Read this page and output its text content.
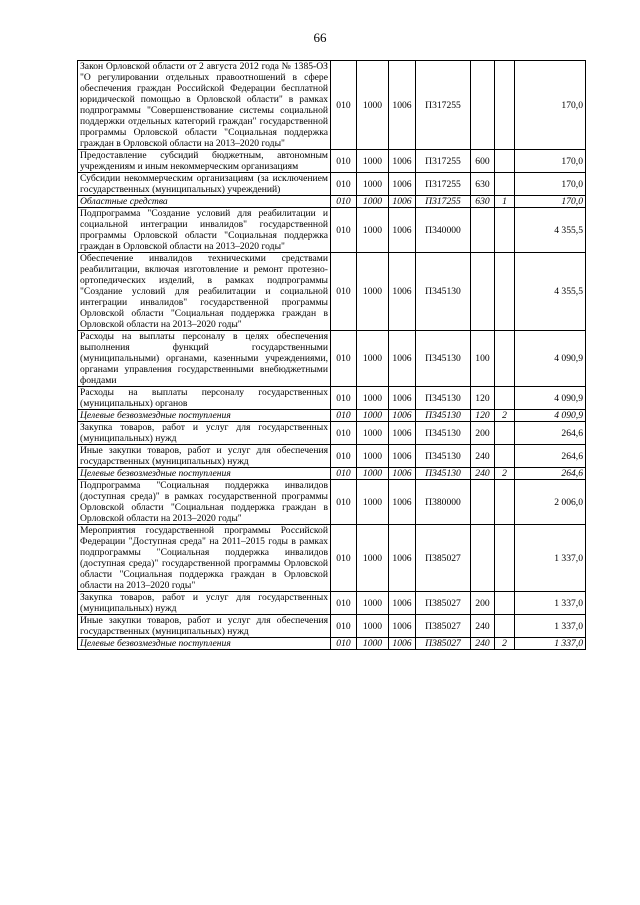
66
Закон Орловской области от 2 августа 2012 года № 1385-ОЗ "О регулировании отдельных правоотношений в сфере обеспечения граждан Российской Федерации бесплатной юридической помощью в Орловской области" в рамках подпрограммы "Совершенствование системы социальной поддержки отдельных категорий граждан" государственной программы Орловской области "Социальная поддержка граждан в Орловской области на 2013–2020 годы"	010	1000	1006	П317255			170,0
Предоставление субсидий бюджетным, автономным учреждениям и иным некоммерческим организациям	010	1000	1006	П317255	600		170,0
Субсидии некоммерческим организациям (за исключением государственных (муниципальных) учреждений)	010	1000	1006	П317255	630		170,0
Областные средства	010	1000	1006	П317255	630	1	170,0
Подпрограмма "Создание условий для реабилитации и социальной интеграции инвалидов" государственной программы Орловской области "Социальная поддержка граждан в Орловской области на 2013–2020 годы"	010	1000	1006	П340000			4 355,5
Обеспечение инвалидов техническими средствами реабилитации, включая изготовление и ремонт протезно-ортопедических изделий, в рамках подпрограммы "Создание условий для реабилитации и социальной интеграции инвалидов" государственной программы Орловской области "Социальная поддержка граждан в Орловской области на 2013–2020 годы"	010	1000	1006	П345130			4 355,5
Расходы на выплаты персоналу в целях обеспечения выполнения функций государственными (муниципальными) органами, казенными учреждениями, органами управления государственными внебюджетными фондами	010	1000	1006	П345130	100		4 090,9
Расходы на выплаты персоналу государственных (муниципальных) органов	010	1000	1006	П345130	120		4 090,9
Целевые безвозмездные поступления	010	1000	1006	П345130	120	2	4 090,9
Закупка товаров, работ и услуг для государственных (муниципальных) нужд	010	1000	1006	П345130	200		264,6
Иные закупки товаров, работ и услуг для обеспечения государственных (муниципальных) нужд	010	1000	1006	П345130	240		264,6
Целевые безвозмездные поступления	010	1000	1006	П345130	240	2	264,6
Подпрограмма "Социальная поддержка инвалидов (доступная среда)" в рамках государственной программы Орловской области "Социальная поддержка граждан в Орловской области на 2013–2020 годы"	010	1000	1006	П380000			2 006,0
Мероприятия государственной программы Российской Федерации "Доступная среда" на 2011–2015 годы в рамках подпрограммы "Социальная поддержка инвалидов (доступная среда)" государственной программы Орловской области "Социальная поддержка граждан в Орловской области на 2013–2020 годы"	010	1000	1006	П385027			1 337,0
Закупка товаров, работ и услуг для государственных (муниципальных) нужд	010	1000	1006	П385027	200		1 337,0
Иные закупки товаров, работ и услуг для обеспечения государственных (муниципальных) нужд	010	1000	1006	П385027	240		1 337,0
Целевые безвозмездные поступления	010	1000	1006	П385027	240	2	1 337,0
